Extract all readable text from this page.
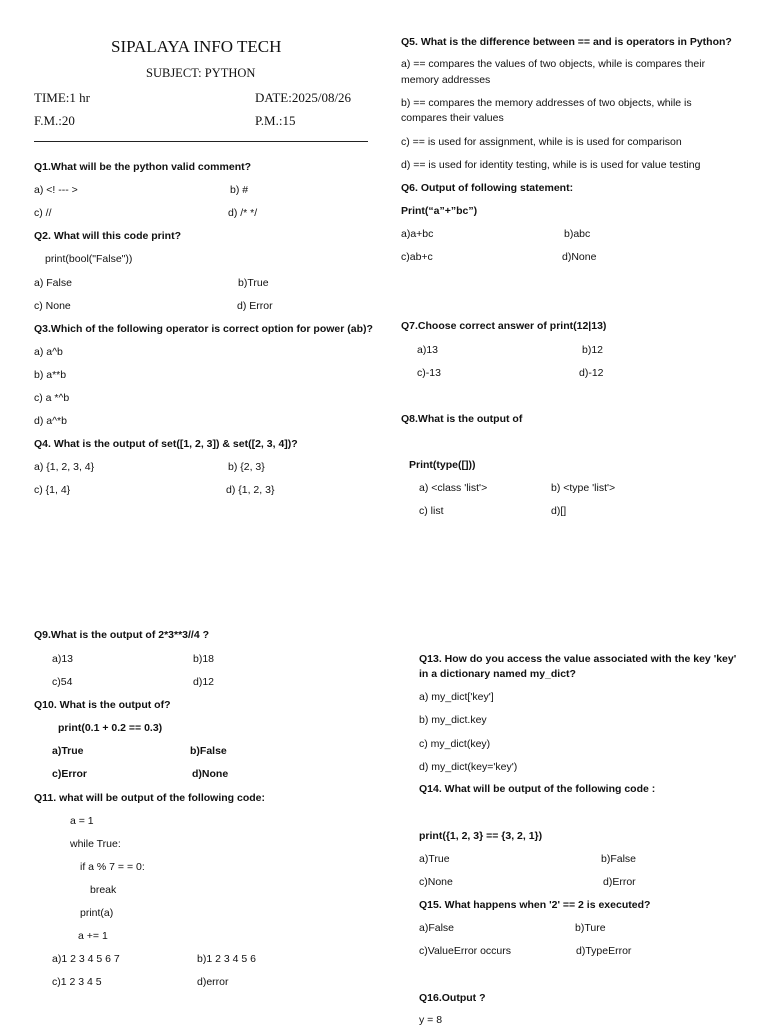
SIPALAYA INFO TECH
SUBJECT: PYTHON
TIME:1 hr	DATE:2025/08/26
F.M.:20	P.M.:15
Q1.What will be the python valid comment?
a) <! --- >	b) #
c) //	d) /* */
Q2. What will this code print?
print(bool("False"))
a) False	b)True
c) None	d) Error
Q3.Which of the following operator is correct option for power (ab)?
a) a^b
b) a**b
c) a *^b
d) a^*b
Q4. What is the output of set([1, 2, 3]) & set([2, 3, 4])?
a) {1, 2, 3, 4}	b) {2, 3}
c) {1, 4}	d) {1, 2, 3}
Q5. What is the difference between == and is operators in Python?
a) == compares the values of two objects, while is compares their
memory addresses
b) == compares the memory addresses of two objects, while is
compares their values
c) == is used for assignment, while is is used for comparison
d) == is used for identity testing, while is is used for value testing
Q6. Output of following statement:
Print(“a”+”bc”)
a)a+bc	b)abc
c)ab+c	d)None
Q7.Choose correct answer of print(12|13)
a)13	b)12
c)-13	d)-12
Q8.What is the output of
Print(type([]))
a) <class 'list'>	b) <type 'list'>
c) list	d)[]
Q9.What is the output of 2*3**3//4 ?
a)13	b)18
c)54	d)12
Q10. What is the output of?
print(0.1 + 0.2 == 0.3)
a)True	b)False
c)Error	d)None
Q11. what will be output of the following code:
a = 1
while True:
if a % 7 = = 0:
break
print(a)
a += 1
a)1 2 3 4 5 6 7	b)1 2 3 4 5 6
c)1 2 3 4 5	d)error
Q13. How do you access the value associated with the key 'key'
in a dictionary named my_dict?
a) my_dict['key']
b) my_dict.key
c) my_dict(key)
d) my_dict(key='key')
Q14. What will be output of the following code :
print({1, 2, 3} == {3, 2, 1})
a)True	b)False
c)None	d)Error
Q15. What happens when '2' == 2 is executed?
a)False	b)Ture
c)ValueError occurs	d)TypeError
Q16.Output ?
y = 8
